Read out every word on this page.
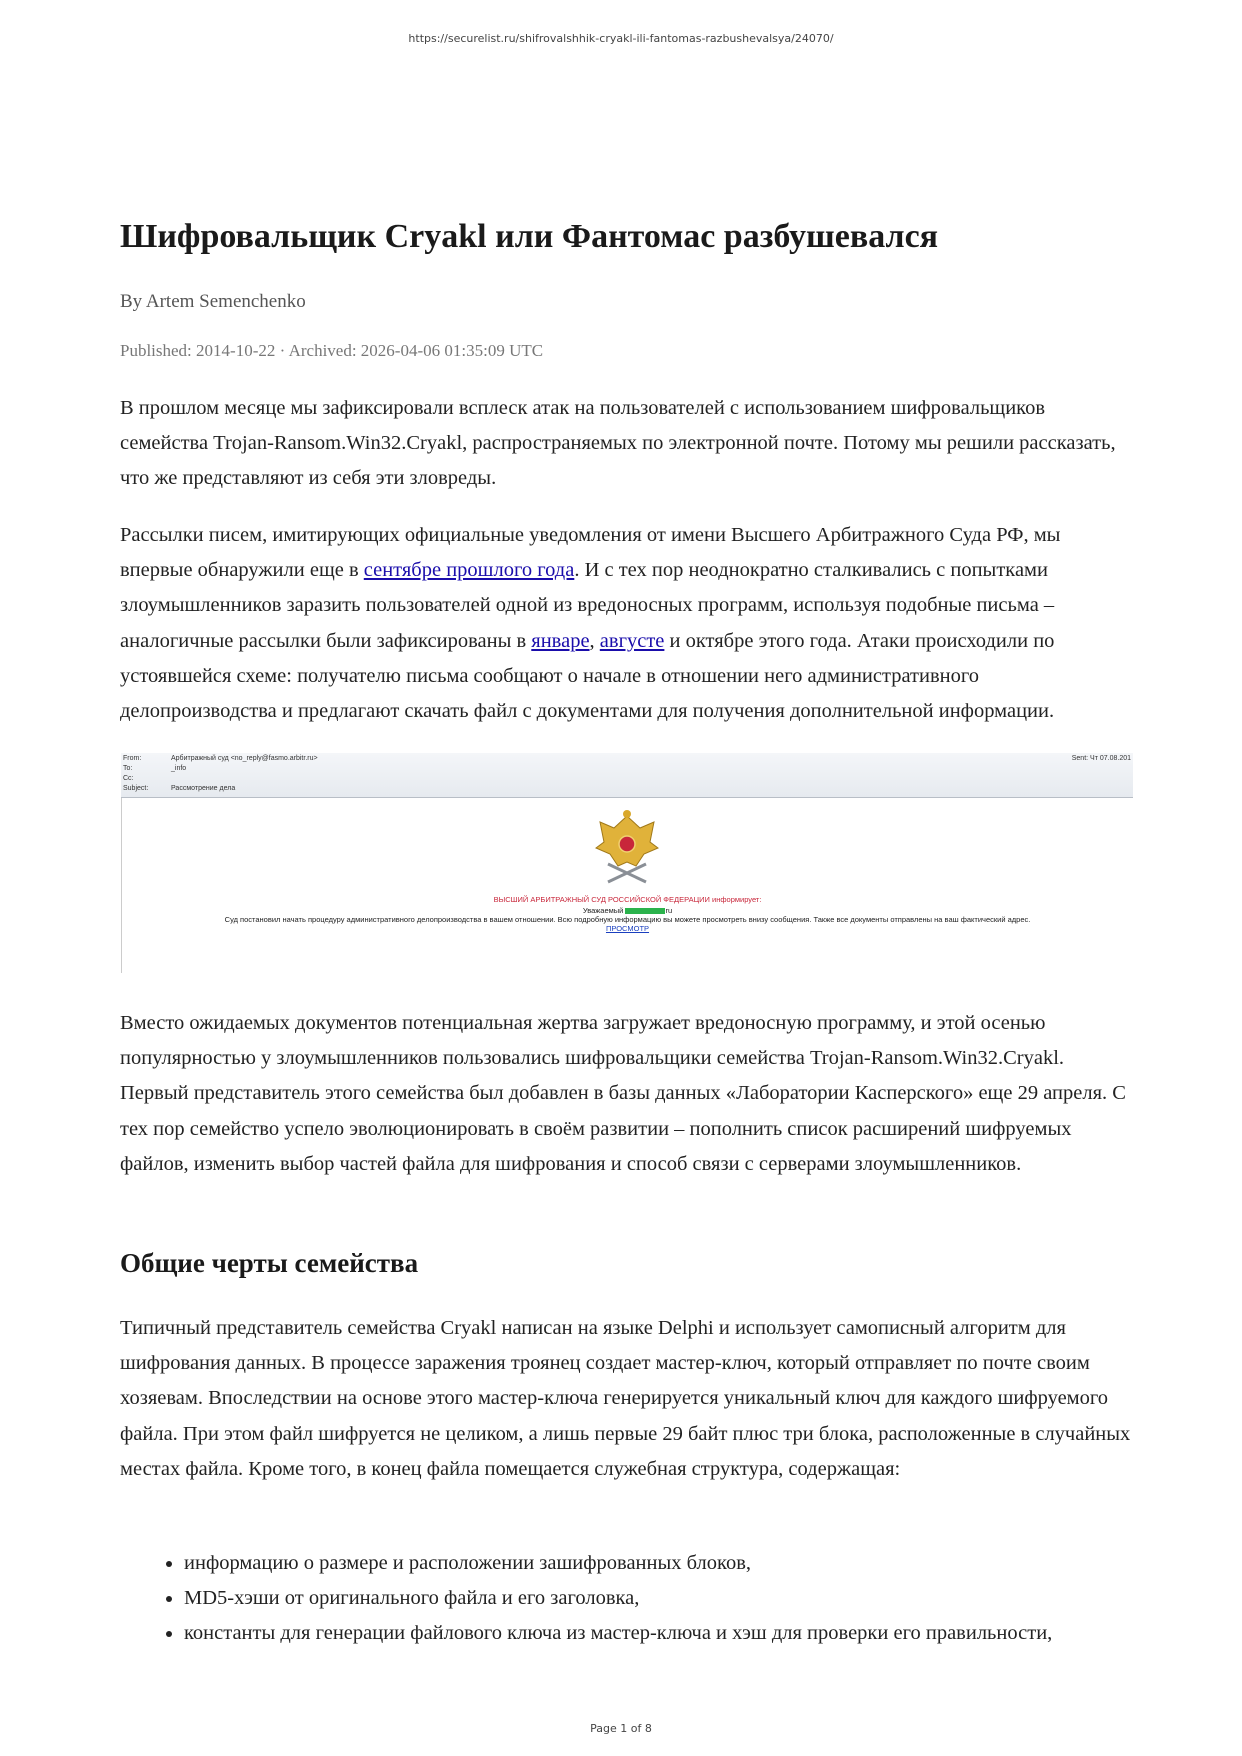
https://securelist.ru/shifrovalshhik-cryakl-ili-fantomas-razbushevalsya/24070/
Шифровальщик Cryakl или Фантомас разбушевался
By Artem Semenchenko
Published: 2014-10-22 · Archived: 2026-04-06 01:35:09 UTC

В прошлом месяце мы зафиксировали всплеск атак на пользователей с использованием шифровальщиков семейства Trojan-Ransom.Win32.Cryakl, распространяемых по электронной почте. Потому мы решили рассказать, что же представляют из себя эти зловреды.

Рассылки писем, имитирующих официальные уведомления от имени Высшего Арбитражного Суда РФ, мы впервые обнаружили еще в сентябре прошлого года. И с тех пор неоднократно сталкивались с попытками злоумышленников заразить пользователей одной из вредоносных программ, используя подобные письма – аналогичные рассылки были зафиксированы в январе, августе и октябре этого года. Атаки происходили по устоявшейся схеме: получателю письма сообщают о начале в отношении него административного делопроизводства и предлагают скачать файл с документами для получения дополнительной информации.

From:	Арбитражный суд <no_reply@fasmo.arbitr.ru>
To:	_info
Cc:
Subject:	Рассмотрение дела
Sent: Чт 07.08.201
ВЫСШИЙ АРБИТРАЖНЫЙ СУД РОССИЙСКОЙ ФЕДЕРАЦИИ информирует:
Уважаемый	ru
Суд постановил начать процедуру административного делопроизводства в вашем отношении. Всю подробную информацию вы можете просмотреть внизу сообщения. Также все документы отправлены на ваш фактический адрес.
ПРОСМОТР

Вместо ожидаемых документов потенциальная жертва загружает вредоносную программу, и этой осенью популярностью у злоумышленников пользовались шифровальщики семейства Trojan-Ransom.Win32.Cryakl. Первый представитель этого семейства был добавлен в базы данных «Лаборатории Касперского» еще 29 апреля. С тех пор семейство успело эволюционировать в своём развитии – пополнить список расширений шифруемых файлов, изменить выбор частей файла для шифрования и способ связи с серверами злоумышленников.

Общие черты семейства

Типичный представитель семейства Cryakl написан на языке Delphi и использует самописный алгоритм для шифрования данных. В процессе заражения троянец создает мастер-ключ, который отправляет по почте своим хозяевам. Впоследствии на основе этого мастер-ключа генерируется уникальный ключ для каждого шифруемого файла. При этом файл шифруется не целиком, а лишь первые 29 байт плюс три блока, расположенные в случайных местах файла. Кроме того, в конец файла помещается служебная структура, содержащая:

• информацию о размере и расположении зашифрованных блоков,
• MD5-хэши от оригинального файла и его заголовка,
• константы для генерации файлового ключа из мастер-ключа и хэш для проверки его правильности,
Page 1 of 8
